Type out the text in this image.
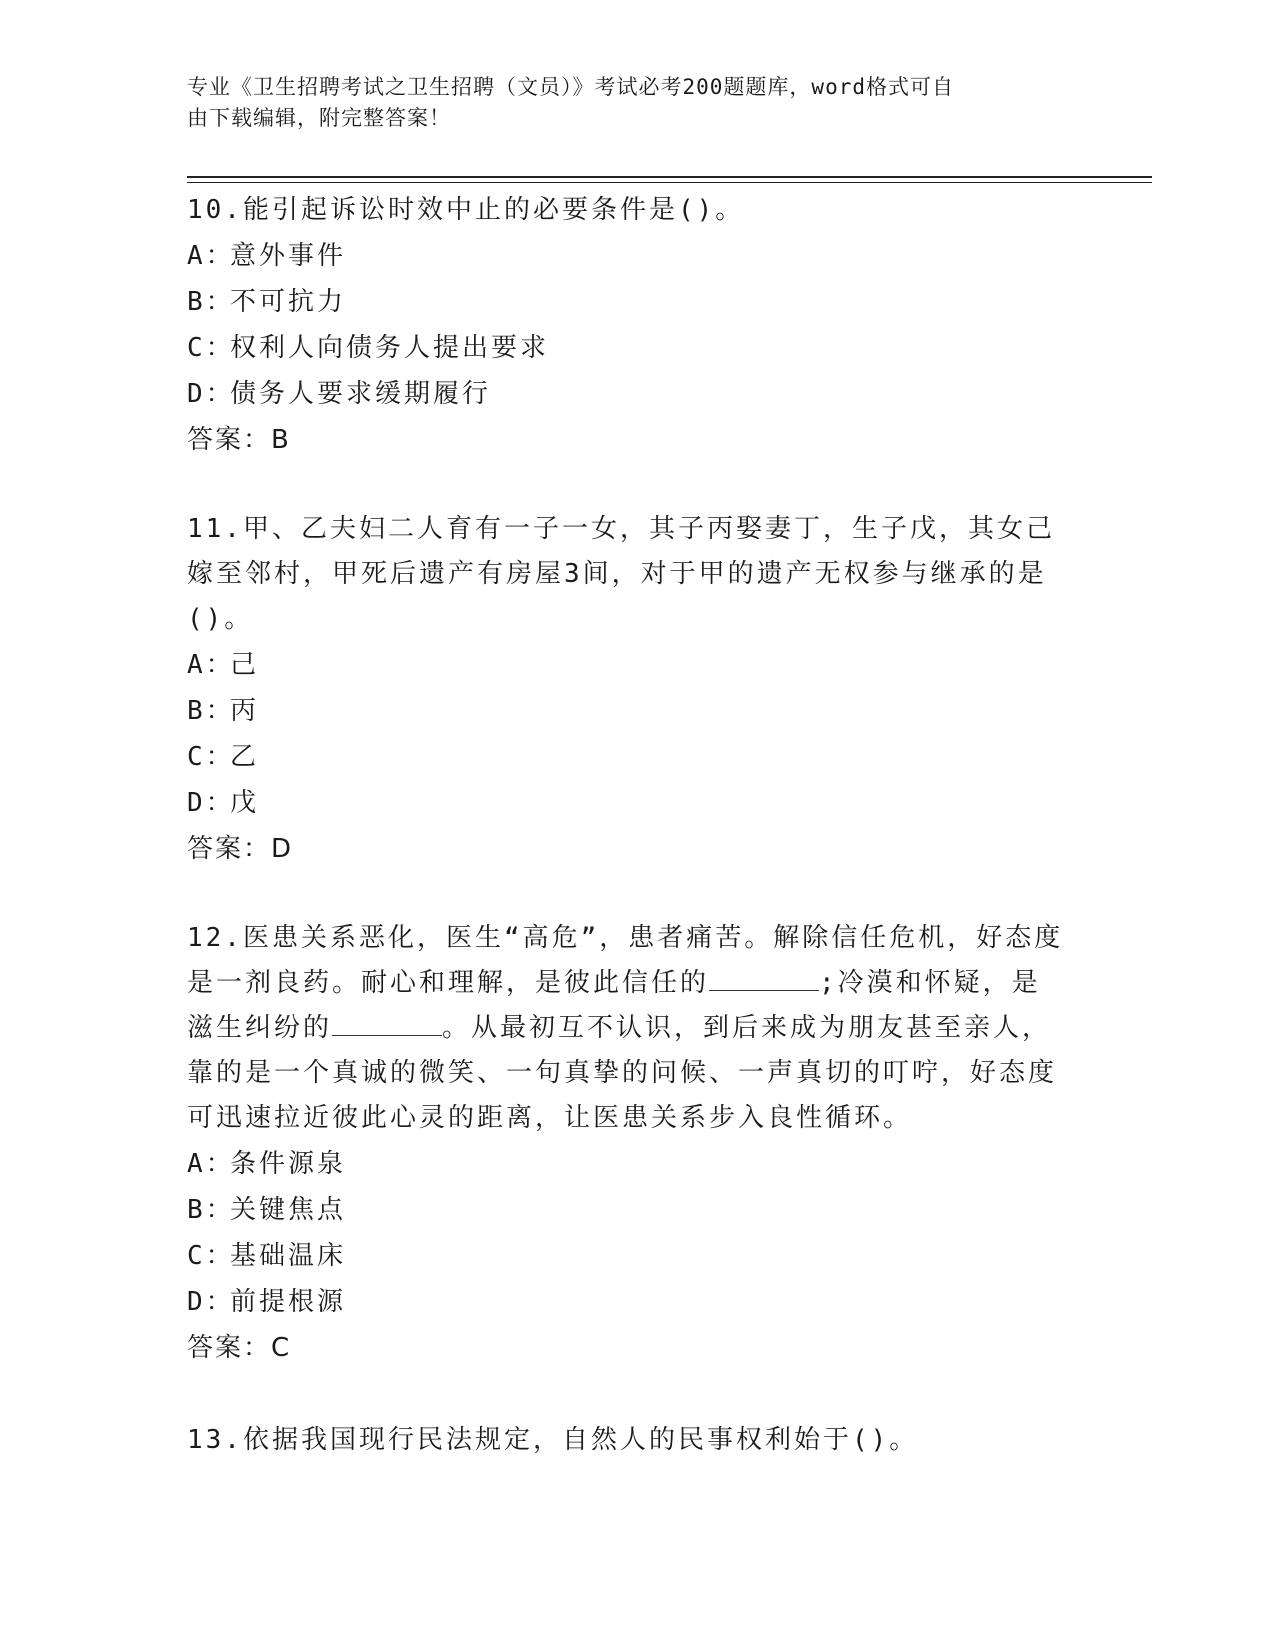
专业《卫生招聘考试之卫生招聘（文员）》考试必考200题题库，word格式可自
由下载编辑，附完整答案！
10.能引起诉讼时效中止的必要条件是()。
A：意外事件
B：不可抗力
C：权利人向债务人提出要求
D：债务人要求缓期履行
答案：B
11.甲、乙夫妇二人育有一子一女，其子丙娶妻丁，生子戊，其女己嫁至邻村，甲死后遗产有房屋3间，对于甲的遗产无权参与继承的是()。
A：己
B：丙
C：乙
D：戊
答案：D
12.医患关系恶化，医生“高危”，患者痛苦。解除信任危机，好态度是一剂良药。耐心和理解，是彼此信任的	;冷漠和怀疑，是滋生纠纷的	。从最初互不认识，到后来成为朋友甚至亲人，靠的是一个真诚的微笑、一句真挚的问候、一声真切的叮咛，好态度可迅速拉近彼此心灵的距离，让医患关系步入良性循环。
A：条件源泉
B：关键焦点
C：基础温床
D：前提根源
答案：C
13.依据我国现行民法规定，自然人的民事权利始于()。
